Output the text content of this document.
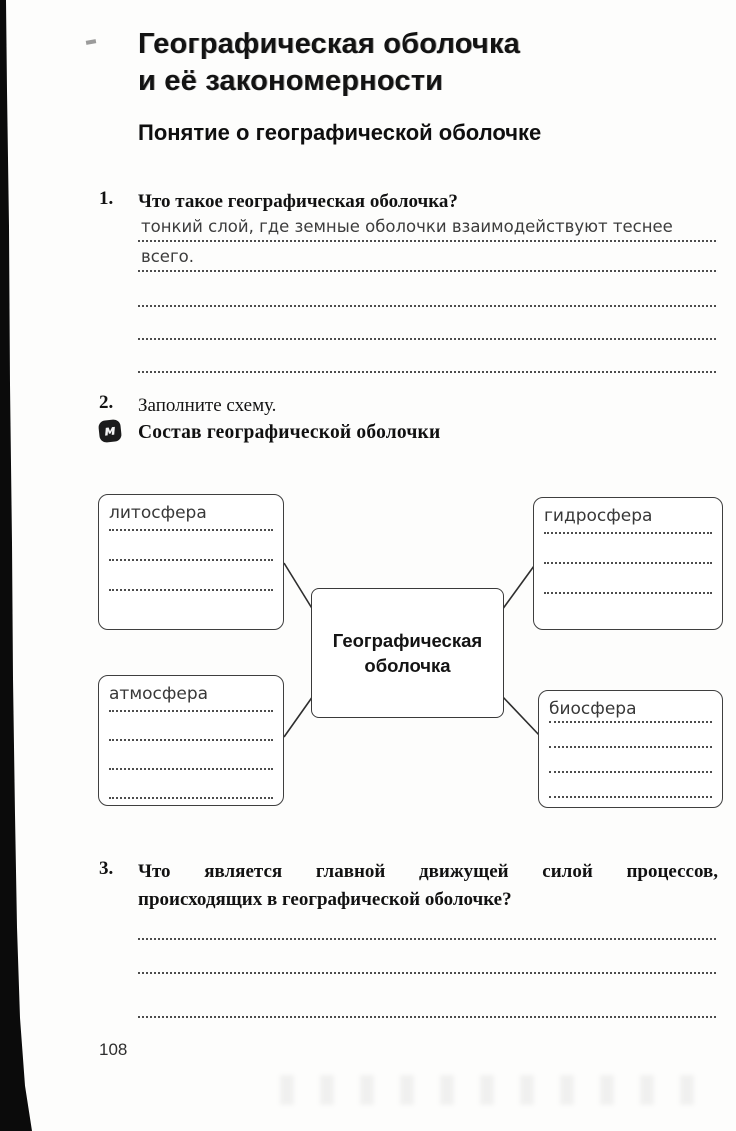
Географическая оболочка
и её закономерности
Понятие о географической оболочке
1.	Что такое географическая оболочка?
тонкий слой, где земные оболочки взаимодействуют теснее
всего.
2.	Заполните схему.
м Состав географической оболочки
литосфера	гидросфера
Географическая оболочка
атмосфера
биосфера
3.	Что является главной движущей силой процессов,
происходящих в географической оболочке?
108
